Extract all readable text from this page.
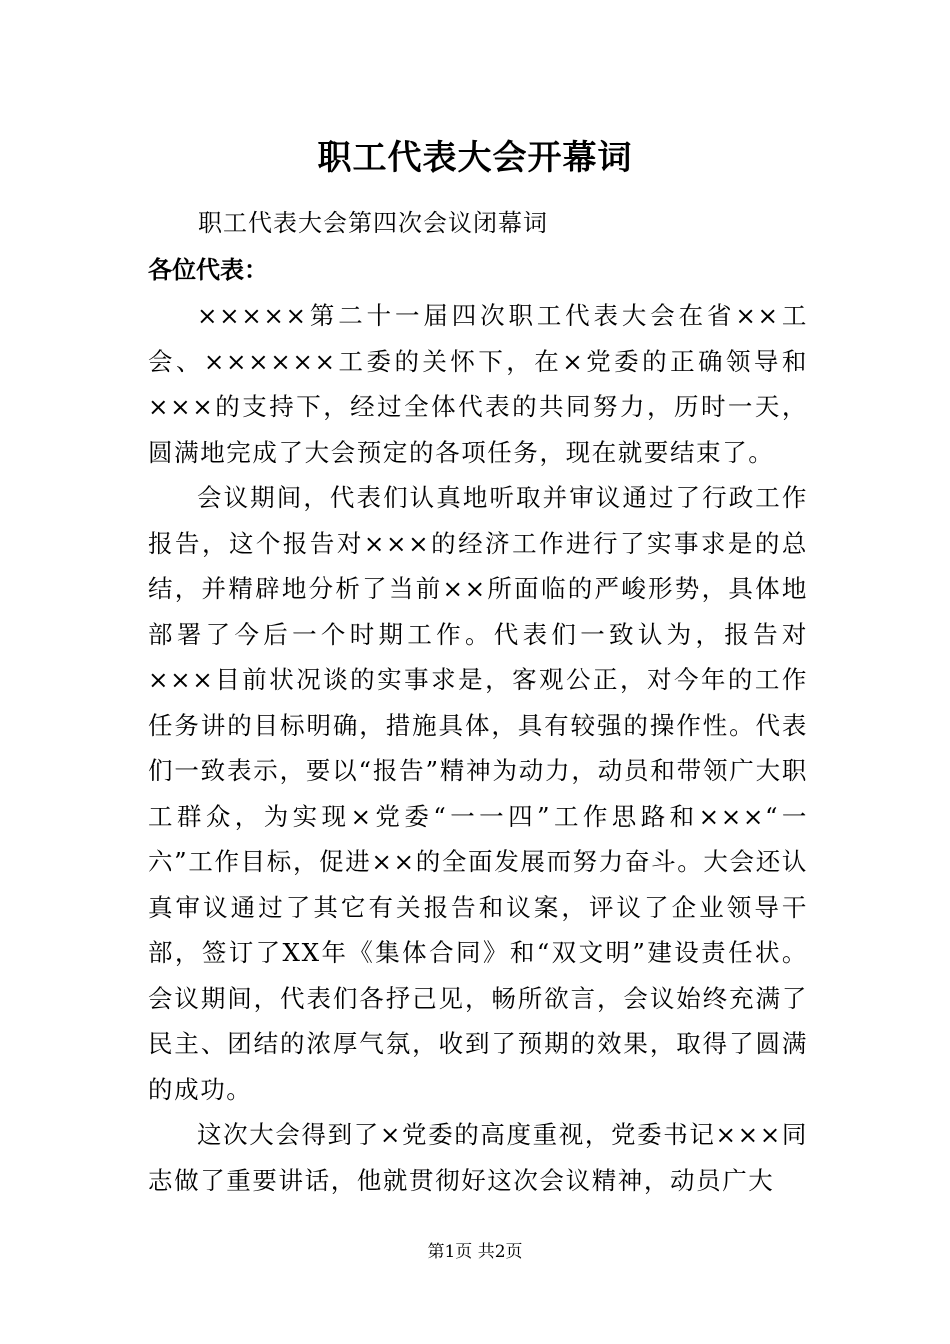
职工代表大会开幕词
职工代表大会第四次会议闭幕词
各位代表：

×××××第二十一届四次职工代表大会在省××工会、××××××工委的关怀下，在×党委的正确领导和×××的支持下，经过全体代表的共同努力，历时一天，圆满地完成了大会预定的各项任务，现在就要结束了。

会议期间，代表们认真地听取并审议通过了行政工作报告，这个报告对×××的经济工作进行了实事求是的总结，并精辟地分析了当前××所面临的严峻形势，具体地部署了今后一个时期工作。代表们一致认为，报告对×××目前状况谈的实事求是，客观公正，对今年的工作任务讲的目标明确，措施具体，具有较强的操作性。代表们一致表示，要以“报告”精神为动力，动员和带领广大职工群众，为实现×党委“一一四”工作思路和×××“一六”工作目标，促进××的全面发展而努力奋斗。大会还认真审议通过了其它有关报告和议案，评议了企业领导干部，签订了XX年《集体合同》和“双文明”建设责任状。会议期间，代表们各抒己见，畅所欲言，会议始终充满了民主、团结的浓厚气氛，收到了预期的效果，取得了圆满的成功。

这次大会得到了×党委的高度重视，党委书记×××同志做了重要讲话，他就贯彻好这次会议精神，动员广大

第1页 共2页
